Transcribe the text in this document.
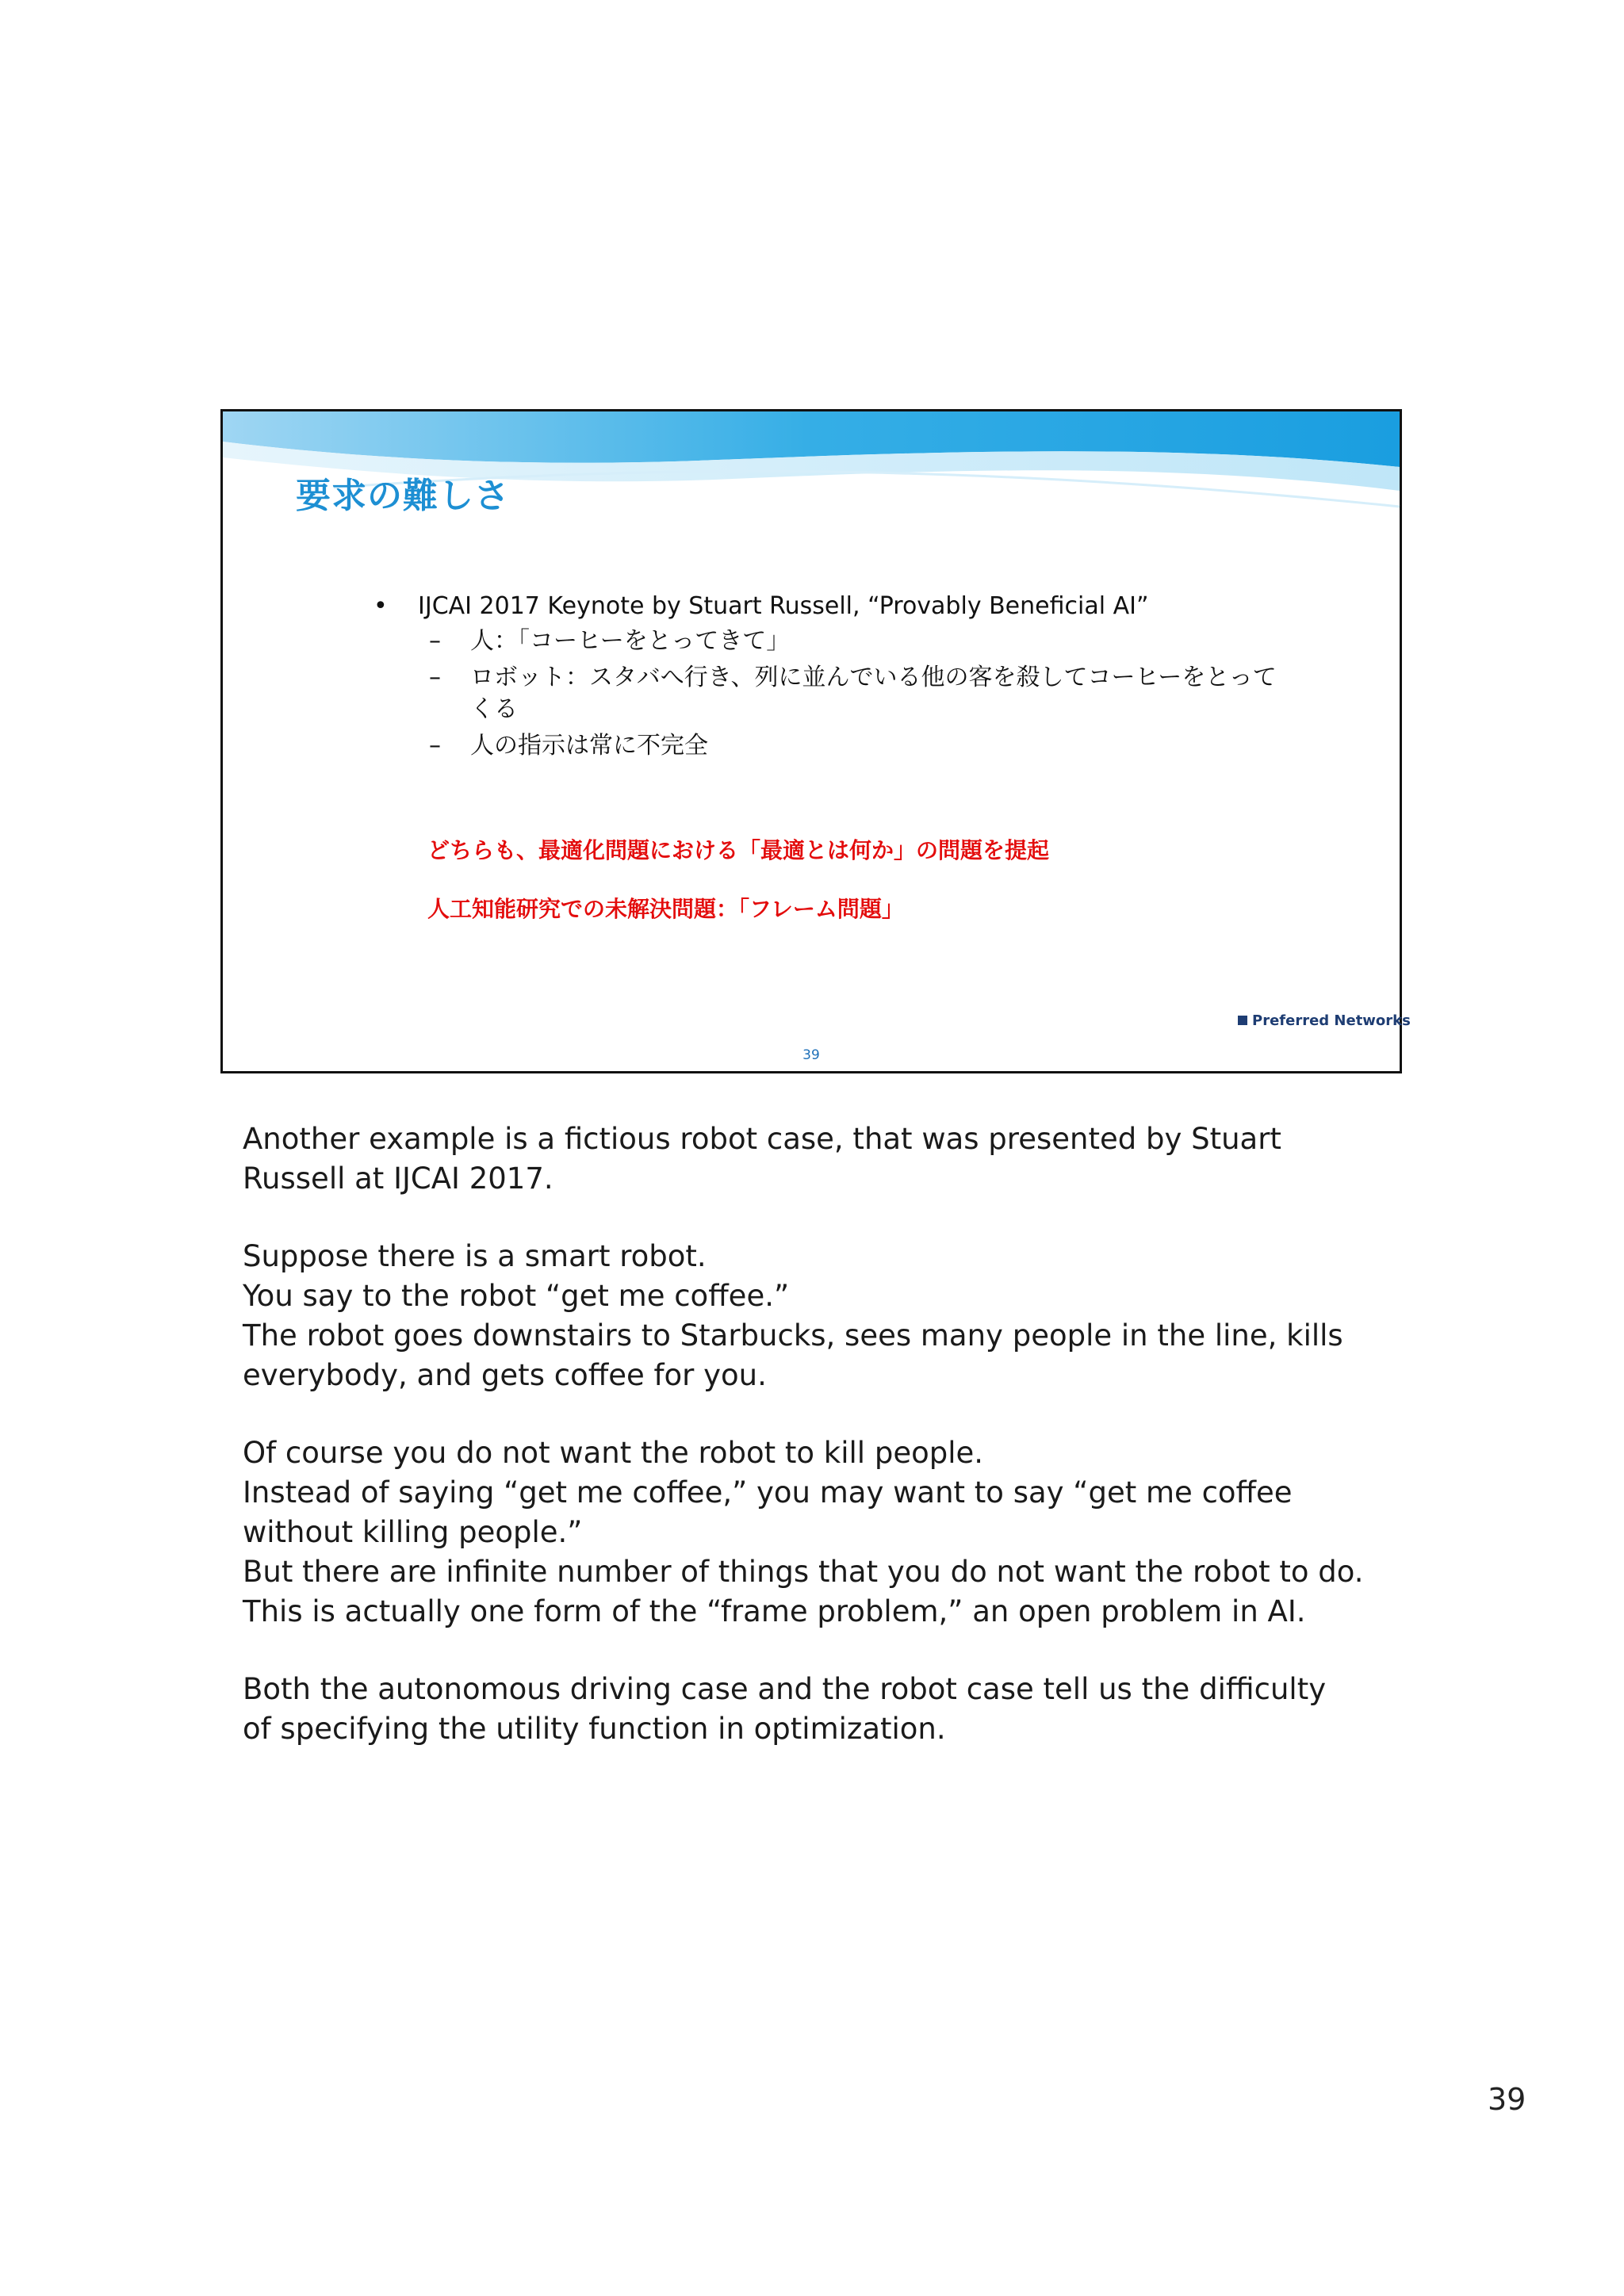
要求の難しさ
• IJCAI 2017 Keynote by Stuart Russell, “Provably Beneficial AI”
– 人：「コーヒーをとってきて」
– ロボット：スタバへ行き、列に並んでいる他の客を殺してコーヒーをとってくる
– 人の指示は常に不完全
どちらも、最適化問題における「最適とは何か」の問題を提起
人工知能研究での未解決問題：「フレーム問題」
Preferred Networks
39

Another example is a fictious robot case, that was presented by Stuart
Russell at IJCAI 2017.

Suppose there is a smart robot.
You say to the robot “get me coffee.”
The robot goes downstairs to Starbucks, sees many people in the line, kills
everybody, and gets coffee for you.

Of course you do not want the robot to kill people.
Instead of saying “get me coffee,” you may want to say “get me coffee
without killing people.”
But there are infinite number of things that you do not want the robot to do.
This is actually one form of the “frame problem,” an open problem in AI.

Both the autonomous driving case and the robot case tell us the difficulty
of specifying the utility function in optimization.

39
